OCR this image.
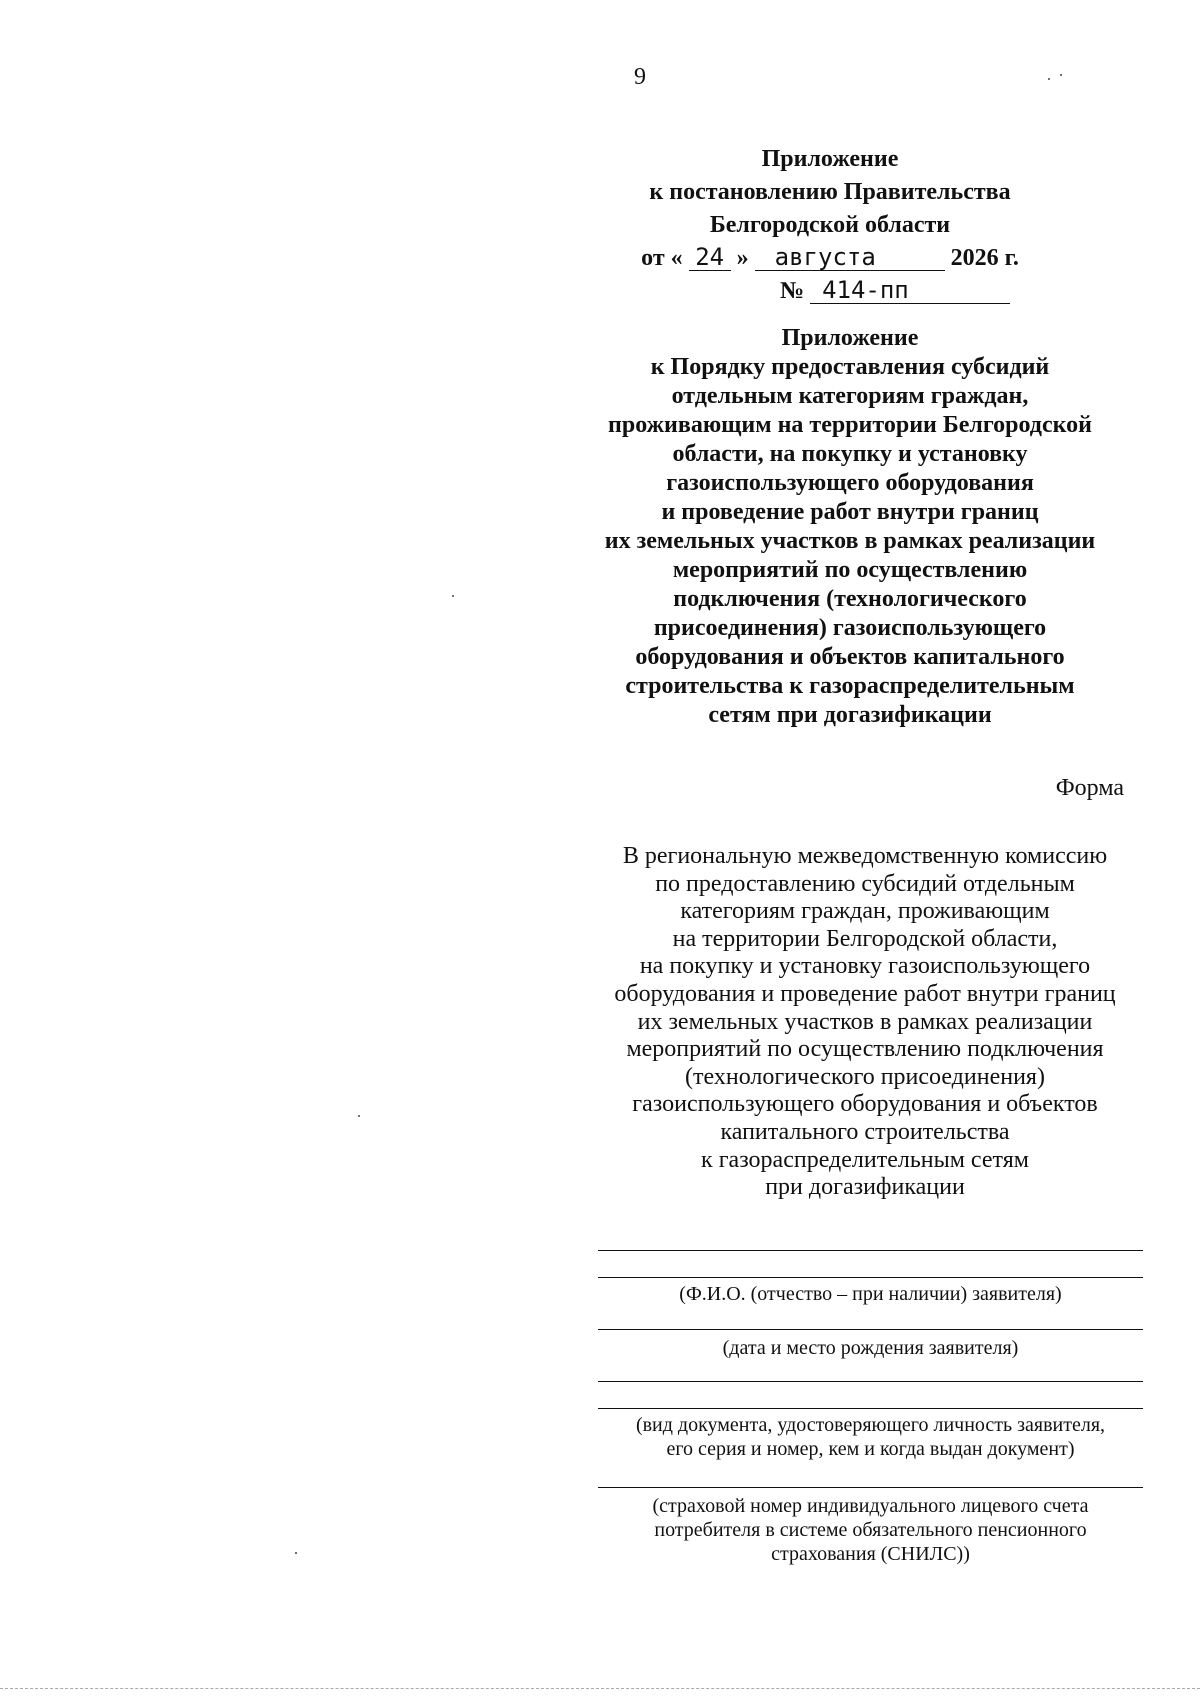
9
Приложение
к постановлению Правительства
Белгородской области
от « 24 » августа	2026 г.
№ 414-пп
Приложение
к Порядку предоставления субсидий
отдельным категориям граждан,
проживающим на территории Белгородской
области, на покупку и установку
газоиспользующего оборудования
и проведение работ внутри границ
их земельных участков в рамках реализации
мероприятий по осуществлению
подключения (технологического
присоединения) газоиспользующего
оборудования и объектов капитального
строительства к газораспределительным
сетям при догазификации
Форма
В региональную межведомственную комиссию
по предоставлению субсидий отдельным
категориям граждан, проживающим
на территории Белгородской области,
на покупку и установку газоиспользующего
оборудования и проведение работ внутри границ
их земельных участков в рамках реализации
мероприятий по осуществлению подключения
(технологического присоединения)
газоиспользующего оборудования и объектов
капитального строительства
к газораспределительным сетям
при догазификации
(Ф.И.О. (отчество – при наличии) заявителя)
(дата и место рождения заявителя)
(вид документа, удостоверяющего личность заявителя,
его серия и номер, кем и когда выдан документ)
(страховой номер индивидуального лицевого счета
потребителя в системе обязательного пенсионного
страхования (СНИЛС))
